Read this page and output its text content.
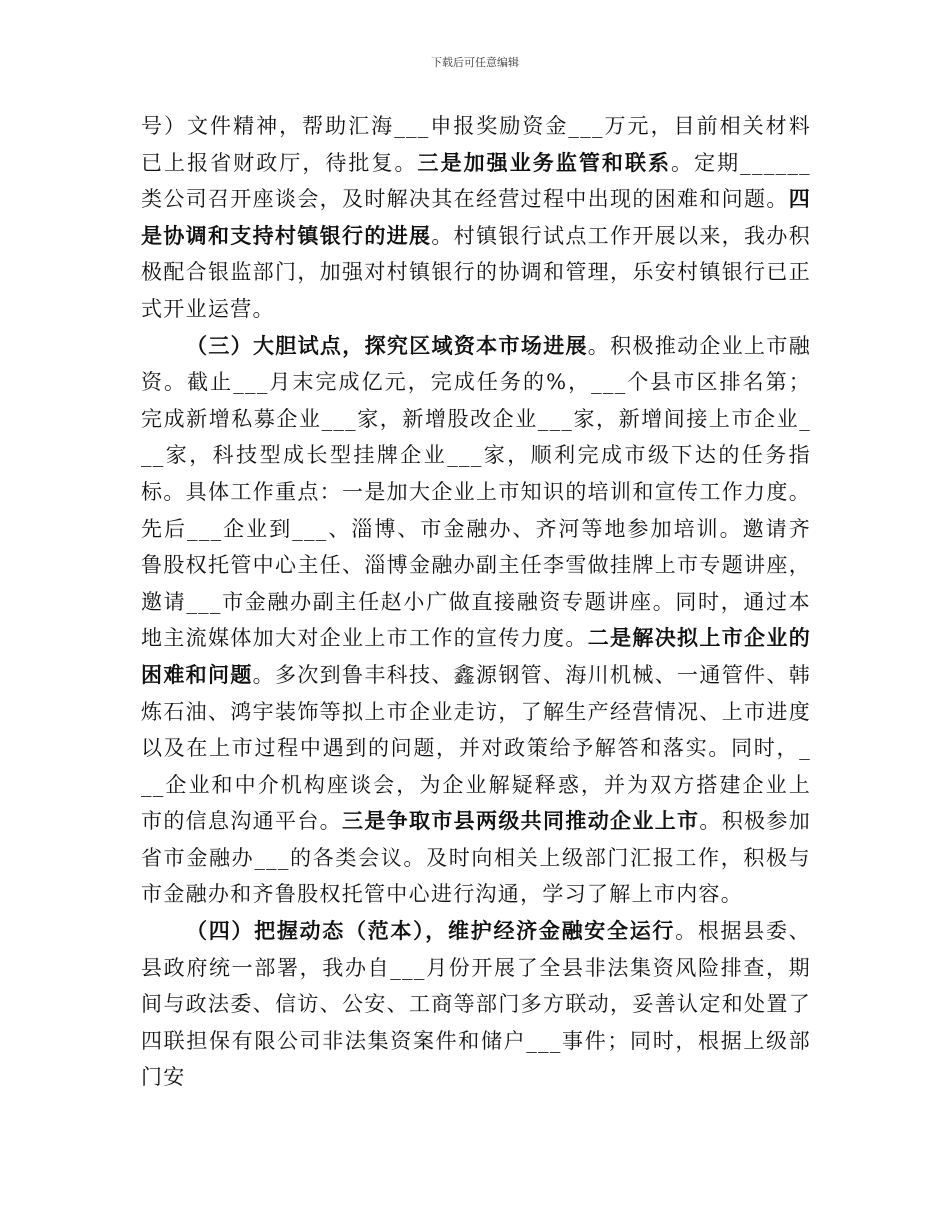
下载后可任意编辑

号）文件精神，帮助汇海___申报奖励资金___万元，目前相关材料已上报省财政厅，待批复。三是加强业务监管和联系。定期______类公司召开座谈会，及时解决其在经营过程中出现的困难和问题。四是协调和支持村镇银行的进展。村镇银行试点工作开展以来，我办积极配合银监部门，加强对村镇银行的协调和管理，乐安村镇银行已正式开业运营。

（三）大胆试点，探究区域资本市场进展。积极推动企业上市融资。截止___月末完成亿元，完成任务的%，___个县市区排名第；完成新增私募企业___家，新增股改企业___家，新增间接上市企业___家，科技型成长型挂牌企业___家，顺利完成市级下达的任务指标。具体工作重点：一是加大企业上市知识的培训和宣传工作力度。先后___企业到___、淄博、市金融办、齐河等地参加培训。邀请齐鲁股权托管中心主任、淄博金融办副主任李雪做挂牌上市专题讲座，邀请___市金融办副主任赵小广做直接融资专题讲座。同时，通过本地主流媒体加大对企业上市工作的宣传力度。二是解决拟上市企业的困难和问题。多次到鲁丰科技、鑫源钢管、海川机械、一通管件、韩炼石油、鸿宇装饰等拟上市企业走访，了解生产经营情况、上市进度以及在上市过程中遇到的问题，并对政策给予解答和落实。同时，___企业和中介机构座谈会，为企业解疑释惑，并为双方搭建企业上市的信息沟通平台。三是争取市县两级共同推动企业上市。积极参加省市金融办___的各类会议。及时向相关上级部门汇报工作，积极与市金融办和齐鲁股权托管中心进行沟通，学习了解上市内容。

（四）把握动态（范本），维护经济金融安全运行。根据县委、县政府统一部署，我办自___月份开展了全县非法集资风险排查，期间与政法委、信访、公安、工商等部门多方联动，妥善认定和处置了四联担保有限公司非法集资案件和储户___事件；同时，根据上级部门安
